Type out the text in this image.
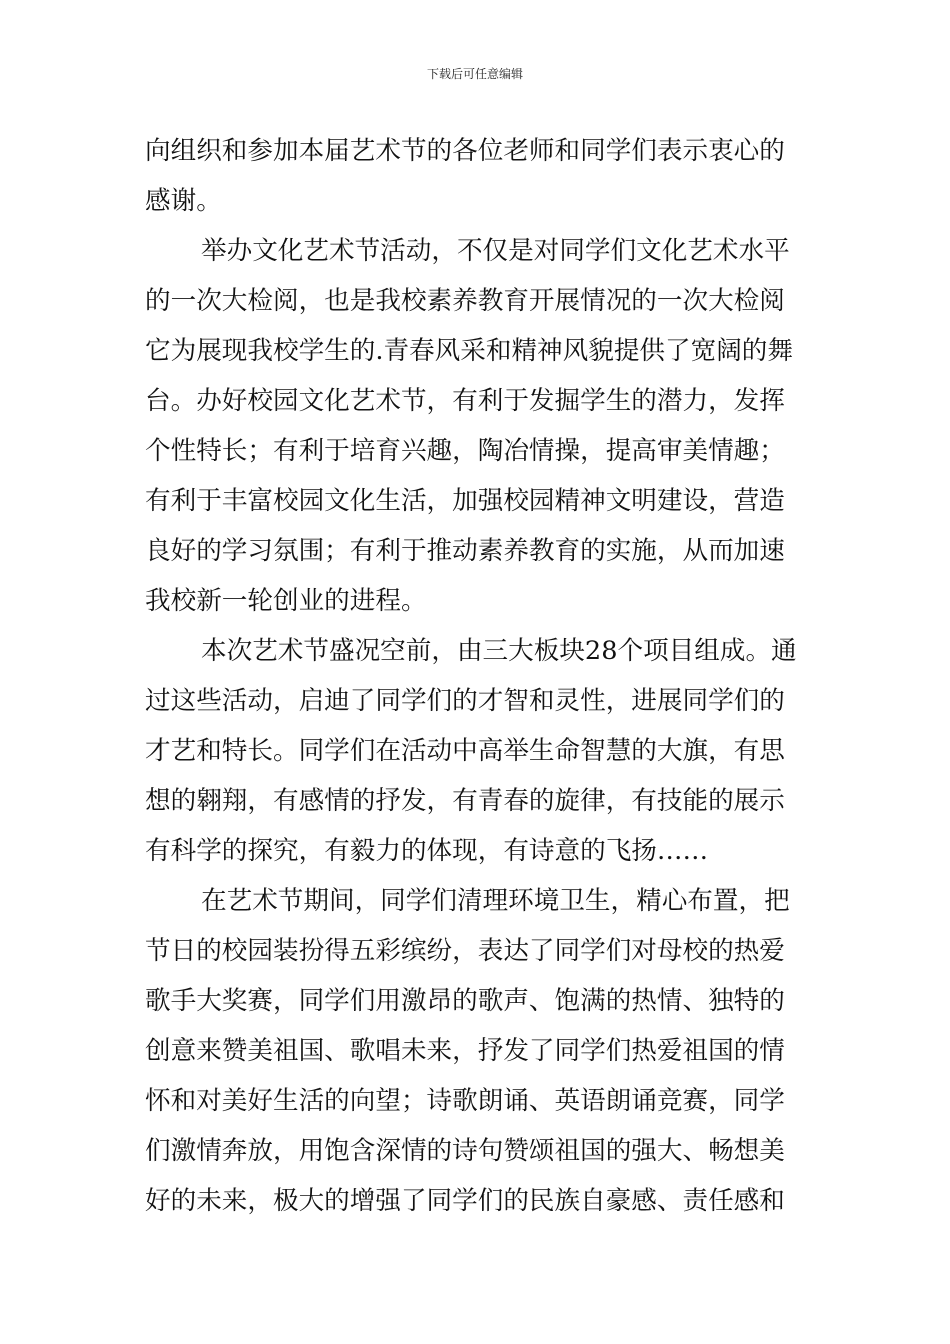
下载后可任意编辑
向组织和参加本届艺术节的各位老师和同学们表示衷心的
感谢。
举办文化艺术节活动，不仅是对同学们文化艺术水平
的一次大检阅，也是我校素养教育开展情况的一次大检阅
它为展现我校学生的.青春风采和精神风貌提供了宽阔的舞
台。办好校园文化艺术节，有利于发掘学生的潜力，发挥
个性特长；有利于培育兴趣，陶冶情操，提高审美情趣；
有利于丰富校园文化生活，加强校园精神文明建设，营造
良好的学习氛围；有利于推动素养教育的实施，从而加速
我校新一轮创业的进程。
本次艺术节盛况空前，由三大板块28个项目组成。通
过这些活动，启迪了同学们的才智和灵性，进展同学们的
才艺和特长。同学们在活动中高举生命智慧的大旗，有思
想的翱翔，有感情的抒发，有青春的旋律，有技能的展示
有科学的探究，有毅力的体现，有诗意的飞扬……
在艺术节期间，同学们清理环境卫生，精心布置，把
节日的校园装扮得五彩缤纷，表达了同学们对母校的热爱
歌手大奖赛，同学们用激昂的歌声、饱满的热情、独特的
创意来赞美祖国、歌唱未来，抒发了同学们热爱祖国的情
怀和对美好生活的向望；诗歌朗诵、英语朗诵竞赛，同学
们激情奔放，用饱含深情的诗句赞颂祖国的强大、畅想美
好的未来，极大的增强了同学们的民族自豪感、责任感和
